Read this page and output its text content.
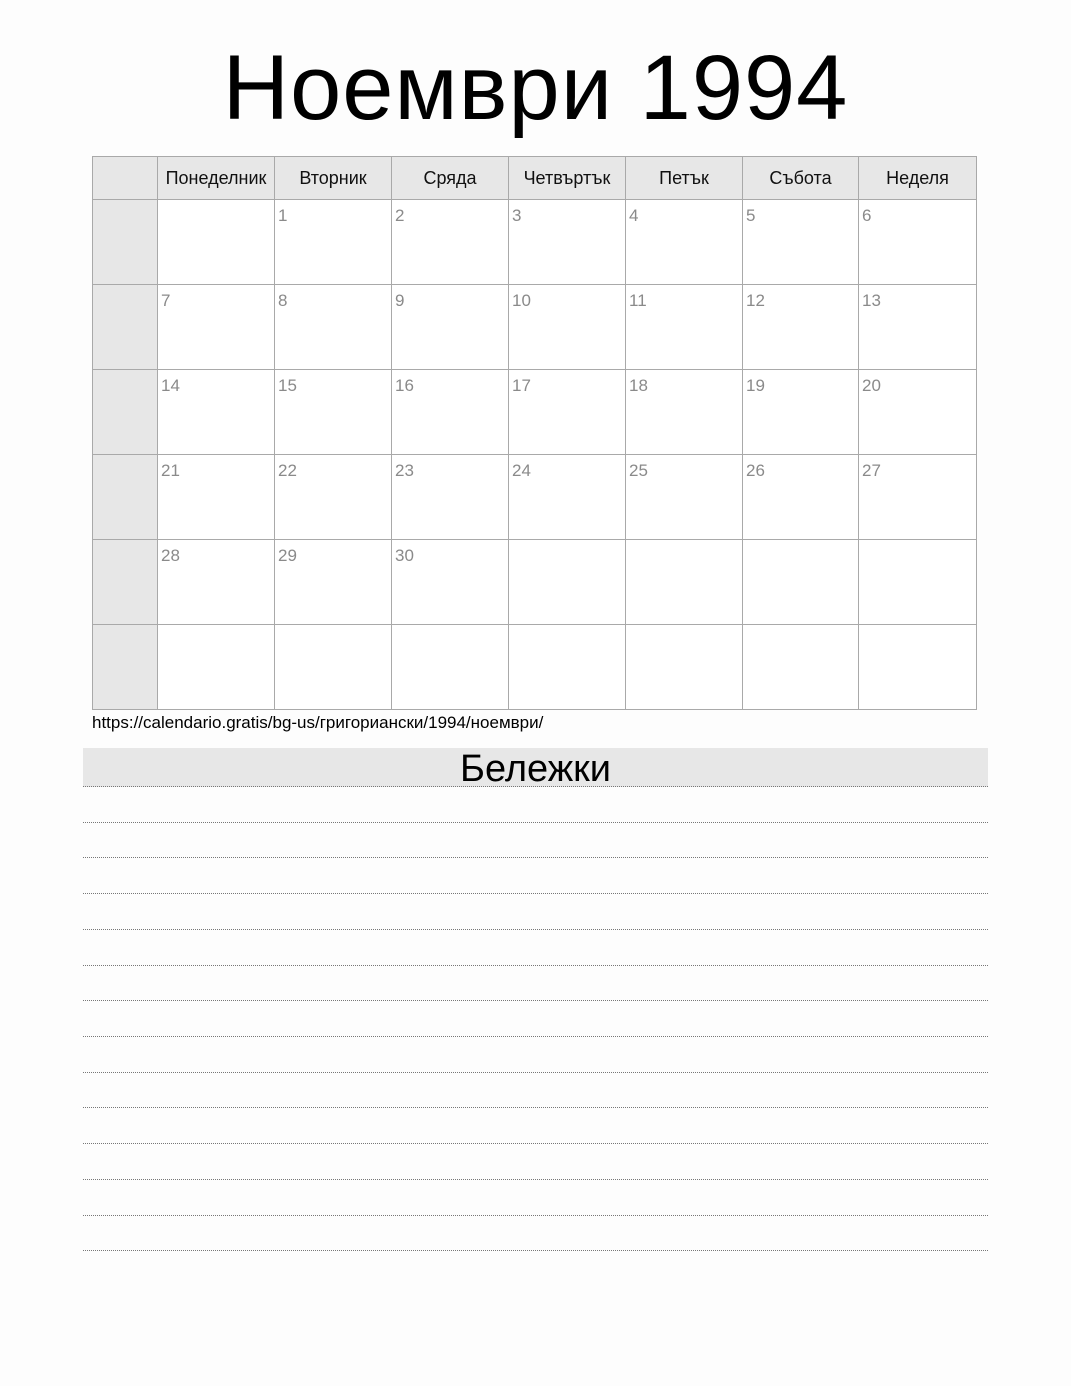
Ноември 1994
	Понеделник	Вторник	Сряда	Четвъртък	Петък	Събота	Неделя

		1	2	3	4	5	6

	7	8	9	10	11	12	13

	14	15	16	17	18	19	20

	21	22	23	24	25	26	27

	28	29	30				

https://calendario.gratis/bg-us/григориански/1994/ноември/
Бележки
